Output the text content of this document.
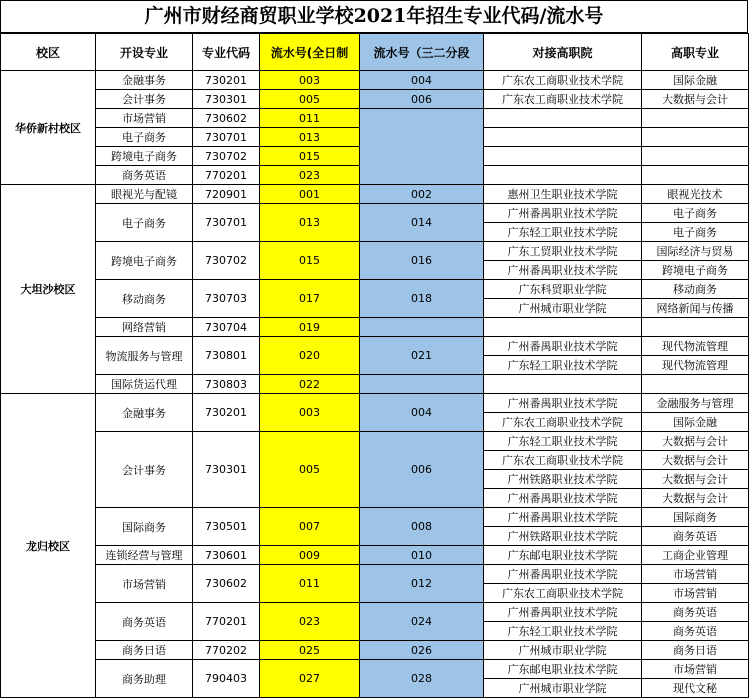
广州市财经商贸职业学校2021年招生专业代码/流水号
校区	开设专业	专业代码	流水号(全日制	流水号（三二分段	对接高职院	高职专业
华侨新村校区	金融事务	730201	003	004	广东农工商职业技术学院	国际金融
	会计事务	730301	005	006	广东农工商职业技术学院	大数据与会计
	市场营销	730602	011			
	电子商务	730701	013			
	跨境电子商务	730702	015			
	商务英语	770201	023			
大坦沙校区	眼视光与配镜	720901	001	002	惠州卫生职业技术学院	眼视光技术
	电子商务	730701	013	014	广州番禺职业技术学院	电子商务
					广东轻工职业技术学院	电子商务
	跨境电子商务	730702	015	016	广东工贸职业技术学院	国际经济与贸易
					广州番禺职业技术学院	跨境电子商务
	移动商务	730703	017	018	广东科贸职业学院	移动商务
					广州城市职业学院	网络新闻与传播
	网络营销	730704	019			
	物流服务与管理	730801	020	021	广州番禺职业技术学院	现代物流管理
					广东轻工职业技术学院	现代物流管理
	国际货运代理	730803	022			
龙归校区	金融事务	730201	003	004	广州番禺职业技术学院	金融服务与管理
					广东农工商职业技术学院	国际金融
	会计事务	730301	005	006	广东轻工职业技术学院	大数据与会计
					广东农工商职业技术学院	大数据与会计
					广州铁路职业技术学院	大数据与会计
					广州番禺职业技术学院	大数据与会计
	国际商务	730501	007	008	广州番禺职业技术学院	国际商务
					广州铁路职业技术学院	商务英语
	连锁经营与管理	730601	009	010	广东邮电职业技术学院	工商企业管理
	市场营销	730602	011	012	广州番禺职业技术学院	市场营销
					广东农工商职业技术学院	市场营销
	商务英语	770201	023	024	广州番禺职业技术学院	商务英语
					广东轻工职业技术学院	商务英语
	商务日语	770202	025	026	广州城市职业学院	商务日语
	商务助理	790403	027	028	广东邮电职业技术学院	市场营销
					广州城市职业学院	现代文秘
